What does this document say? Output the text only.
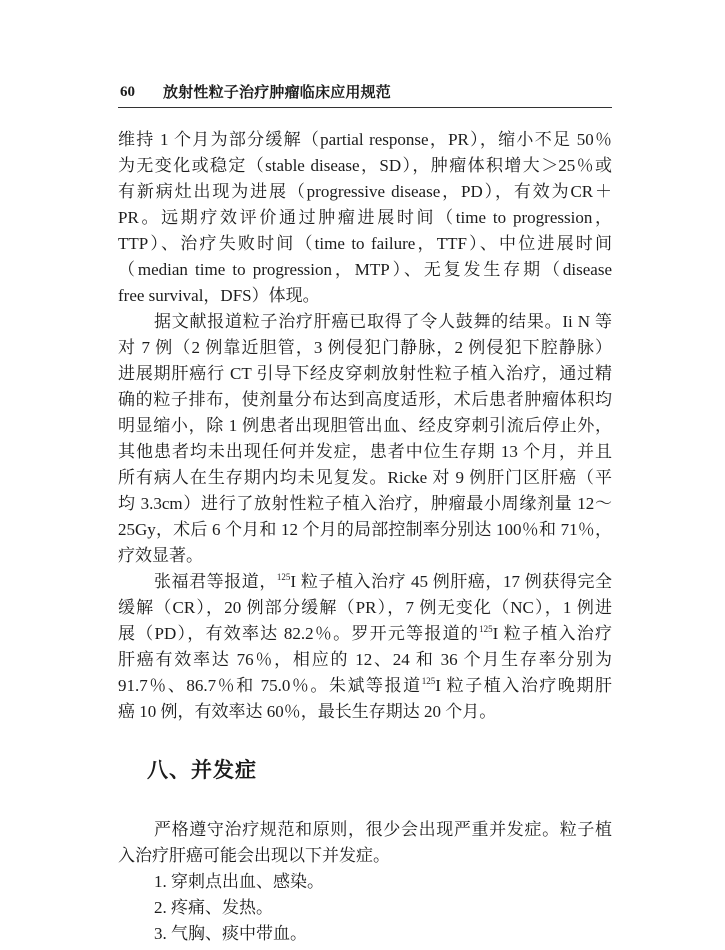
60 放射性粒子治疗肿瘤临床应用规范
维持 1 个月为部分缓解（partial response，PR），缩小不足 50％
为无变化或稳定（stable disease，SD），肿瘤体积增大＞25％或
有新病灶出现为进展（progressive disease，PD），有效为CR＋
PR。远期疗效评价通过肿瘤进展时间（time to progression，
TTP）、治疗失败时间（time to failure，TTF）、中位进展时间
（median time to progression，MTP）、无复发生存期（disease
free survival，DFS）体现。
据文献报道粒子治疗肝癌已取得了令人鼓舞的结果。Ii N 等
对 7 例（2 例靠近胆管，3 例侵犯门静脉，2 例侵犯下腔静脉）
进展期肝癌行 CT 引导下经皮穿刺放射性粒子植入治疗，通过精
确的粒子排布，使剂量分布达到高度适形，术后患者肿瘤体积均
明显缩小，除 1 例患者出现胆管出血、经皮穿刺引流后停止外，
其他患者均未出现任何并发症，患者中位生存期 13 个月，并且
所有病人在生存期内均未见复发。Ricke 对 9 例肝门区肝癌（平
均 3.3cm）进行了放射性粒子植入治疗，肿瘤最小周缘剂量 12～
25Gy，术后 6 个月和 12 个月的局部控制率分别达 100％和 71％，
疗效显著。
张福君等报道，$^{125}$I 粒子植入治疗 45 例肝癌，17 例获得完全
缓解（CR），20 例部分缓解（PR），7 例无变化（NC），1 例进
展（PD），有效率达 82.2％。罗开元等报道的$^{125}$I 粒子植入治疗
肝癌有效率达 76％，相应的 12、24 和 36 个月生存率分别为
91.7％、86.7％和 75.0％。朱斌等报道$^{125}$I 粒子植入治疗晚期肝
癌 10 例，有效率达 60％，最长生存期达 20 个月。
八、并发症
严格遵守治疗规范和原则，很少会出现严重并发症。粒子植
入治疗肝癌可能会出现以下并发症。
1. 穿刺点出血、感染。
2. 疼痛、发热。
3. 气胸、痰中带血。
